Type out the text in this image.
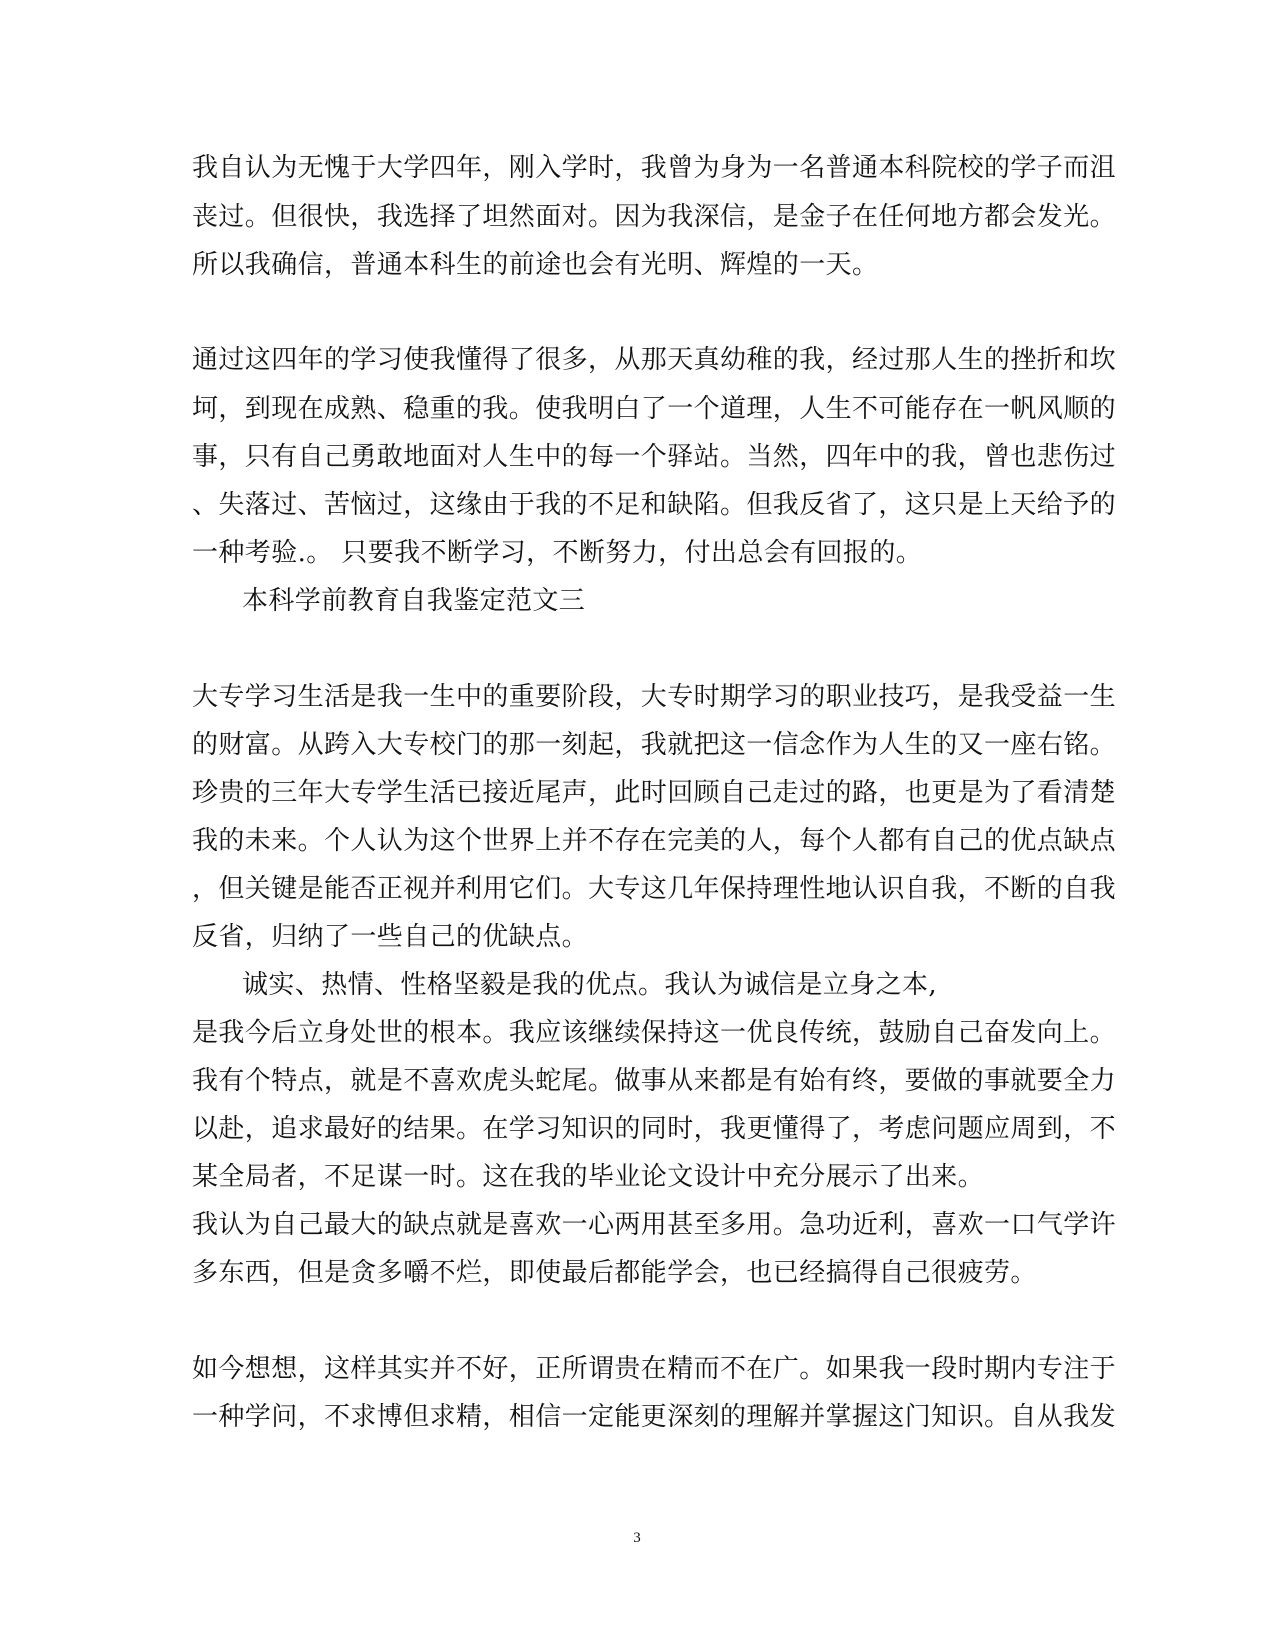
我自认为无愧于大学四年，刚入学时，我曾为身为一名普通本科院校的学子而沮
丧过。但很快，我选择了坦然面对。因为我深信，是金子在任何地方都会发光。
所以我确信，普通本科生的前途也会有光明、辉煌的一天。
通过这四年的学习使我懂得了很多，从那天真幼稚的我，经过那人生的挫折和坎
坷，到现在成熟、稳重的我。使我明白了一个道理，人生不可能存在一帆风顺的
事，只有自己勇敢地面对人生中的每一个驿站。当然，四年中的我，曾也悲伤过
、失落过、苦恼过，这缘由于我的不足和缺陷。但我反省了，这只是上天给予的
一种考验.。 只要我不断学习，不断努力，付出总会有回报的。
本科学前教育自我鉴定范文三
大专学习生活是我一生中的重要阶段，大专时期学习的职业技巧，是我受益一生
的财富。从跨入大专校门的那一刻起，我就把这一信念作为人生的又一座右铭。
珍贵的三年大专学生活已接近尾声，此时回顾自己走过的路，也更是为了看清楚
我的未来。个人认为这个世界上并不存在完美的人，每个人都有自己的优点缺点
，但关键是能否正视并利用它们。大专这几年保持理性地认识自我，不断的自我
反省，归纳了一些自己的优缺点。
诚实、热情、性格坚毅是我的优点。我认为诚信是立身之本,
是我今后立身处世的根本。我应该继续保持这一优良传统，鼓励自己奋发向上。
我有个特点，就是不喜欢虎头蛇尾。做事从来都是有始有终，要做的事就要全力
以赴，追求最好的结果。在学习知识的同时，我更懂得了，考虑问题应周到，不
某全局者，不足谋一时。这在我的毕业论文设计中充分展示了出来。
我认为自己最大的缺点就是喜欢一心两用甚至多用。急功近利，喜欢一口气学许
多东西，但是贪多嚼不烂，即使最后都能学会，也已经搞得自己很疲劳。
如今想想，这样其实并不好，正所谓贵在精而不在广。如果我一段时期内专注于
一种学问，不求博但求精，相信一定能更深刻的理解并掌握这门知识。自从我发
3
